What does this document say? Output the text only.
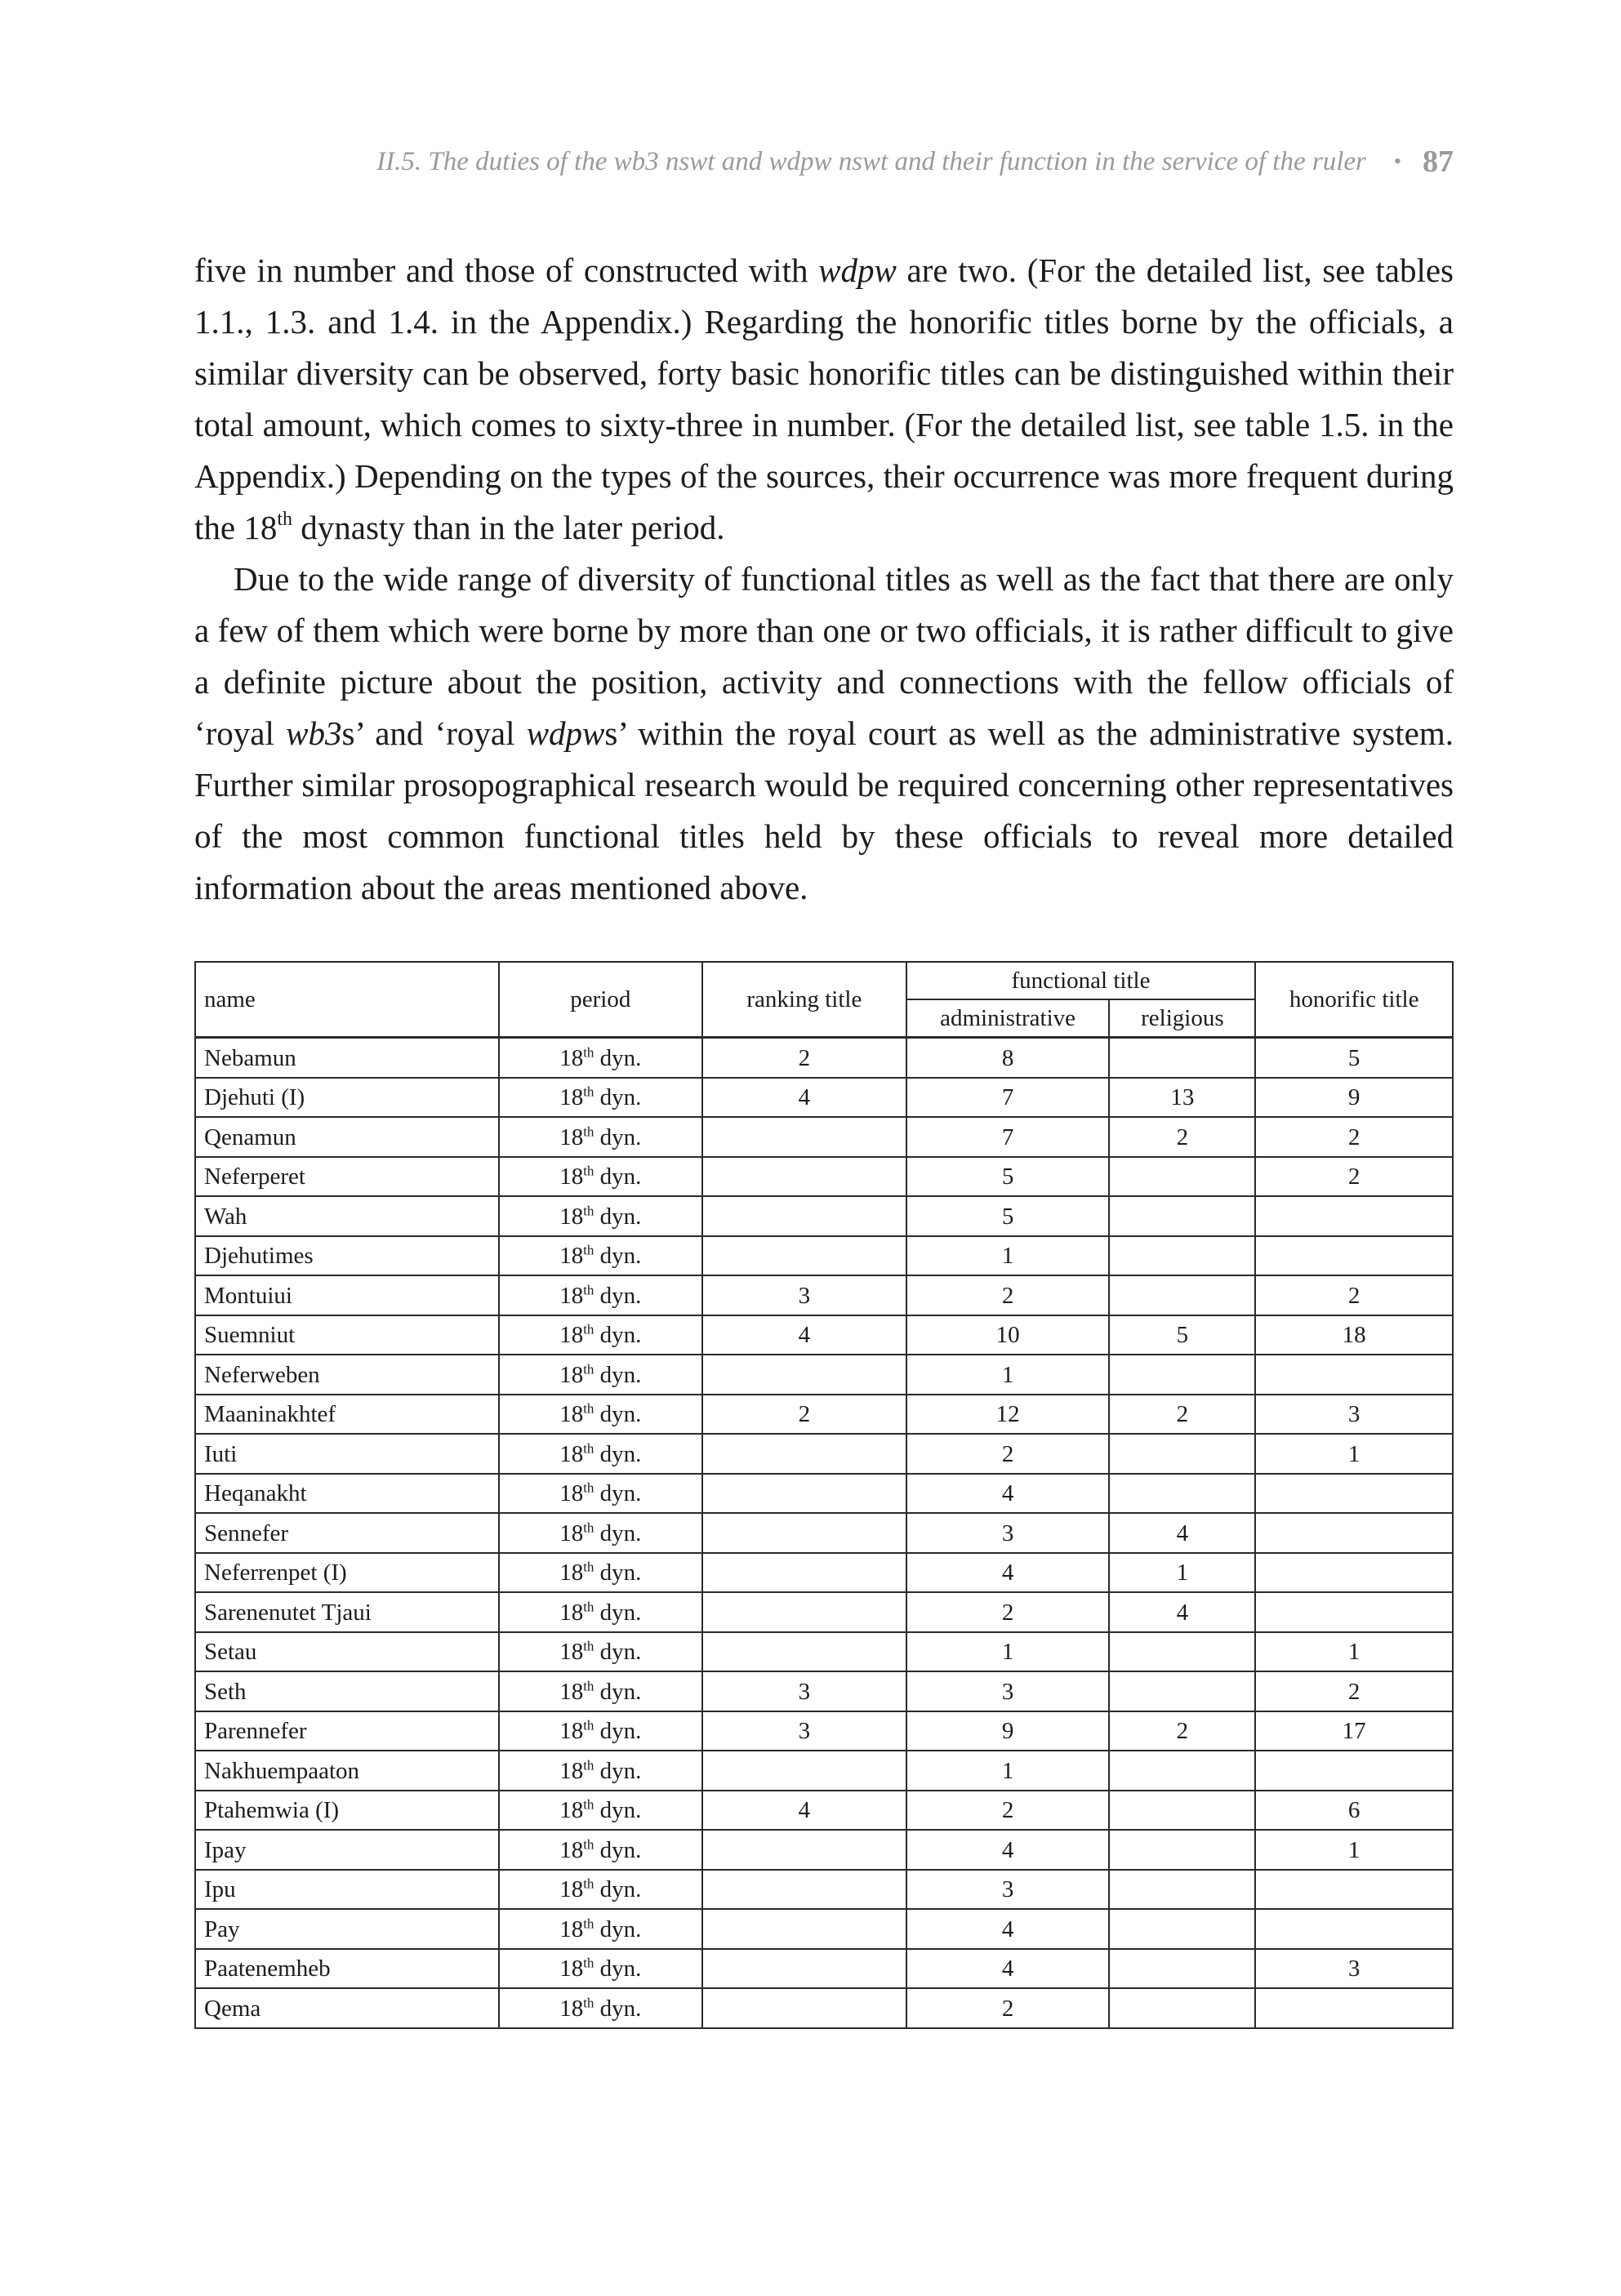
II.5. The duties of the wb3 nswt and wdpw nswt and their function in the service of the ruler • 87

five in number and those of constructed with wdpw are two. (For the detailed list, see tables 1.1., 1.3. and 1.4. in the Appendix.) Regarding the honorific titles borne by the officials, a similar diversity can be observed, forty basic honorific titles can be distinguished within their total amount, which comes to sixty-three in number. (For the detailed list, see table 1.5. in the Appendix.) Depending on the types of the sources, their occurrence was more frequent during the 18th dynasty than in the later period.

Due to the wide range of diversity of functional titles as well as the fact that there are only a few of them which were borne by more than one or two officials, it is rather difficult to give a definite picture about the position, activity and connections with the fellow officials of ‘royal wb3s’ and ‘royal wdpws’ within the royal court as well as the administrative system. Further similar prosopographical research would be required concerning other representatives of the most common functional titles held by these officials to reveal more detailed information about the areas mentioned above.

name	period	ranking title	functional title		honorific title
			administrative	religious	
Nebamun	18th dyn.	2	8		5
Djehuti (I)	18th dyn.	4	7	13	9
Qenamun	18th dyn.		7	2	2
Neferperet	18th dyn.		5		2
Wah	18th dyn.		5		
Djehutimes	18th dyn.		1		
Montuiui	18th dyn.	3	2		2
Suemniut	18th dyn.	4	10	5	18
Neferweben	18th dyn.		1		
Maaninakhtef	18th dyn.	2	12	2	3
Iuti	18th dyn.		2		1
Heqanakht	18th dyn.		4		
Sennefer	18th dyn.		3	4	
Neferrenpet (I)	18th dyn.		4	1	
Sarenenutet Tjaui	18th dyn.		2	4	
Setau	18th dyn.		1		1
Seth	18th dyn.	3	3		2
Parennefer	18th dyn.	3	9	2	17
Nakhuempaaton	18th dyn.		1		
Ptahemwia (I)	18th dyn.	4	2		6
Ipay	18th dyn.		4		1
Ipu	18th dyn.		3		
Pay	18th dyn.		4		
Paatenemheb	18th dyn.		4		3
Qema	18th dyn.		2		
